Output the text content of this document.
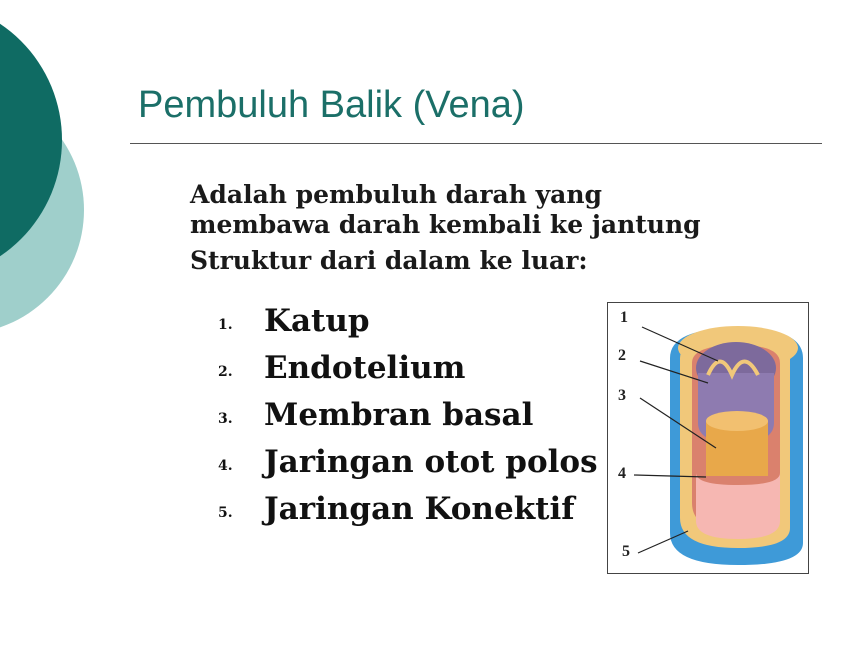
Pembuluh Balik (Vena)

Adalah pembuluh darah yang

membawa darah kembali ke jantung

Struktur dari dalam ke luar:

1. Katup
2. Endotelium
3. Membran basal
4. Jaringan otot polos
5. Jaringan Konektif
1
2
3
4
5
